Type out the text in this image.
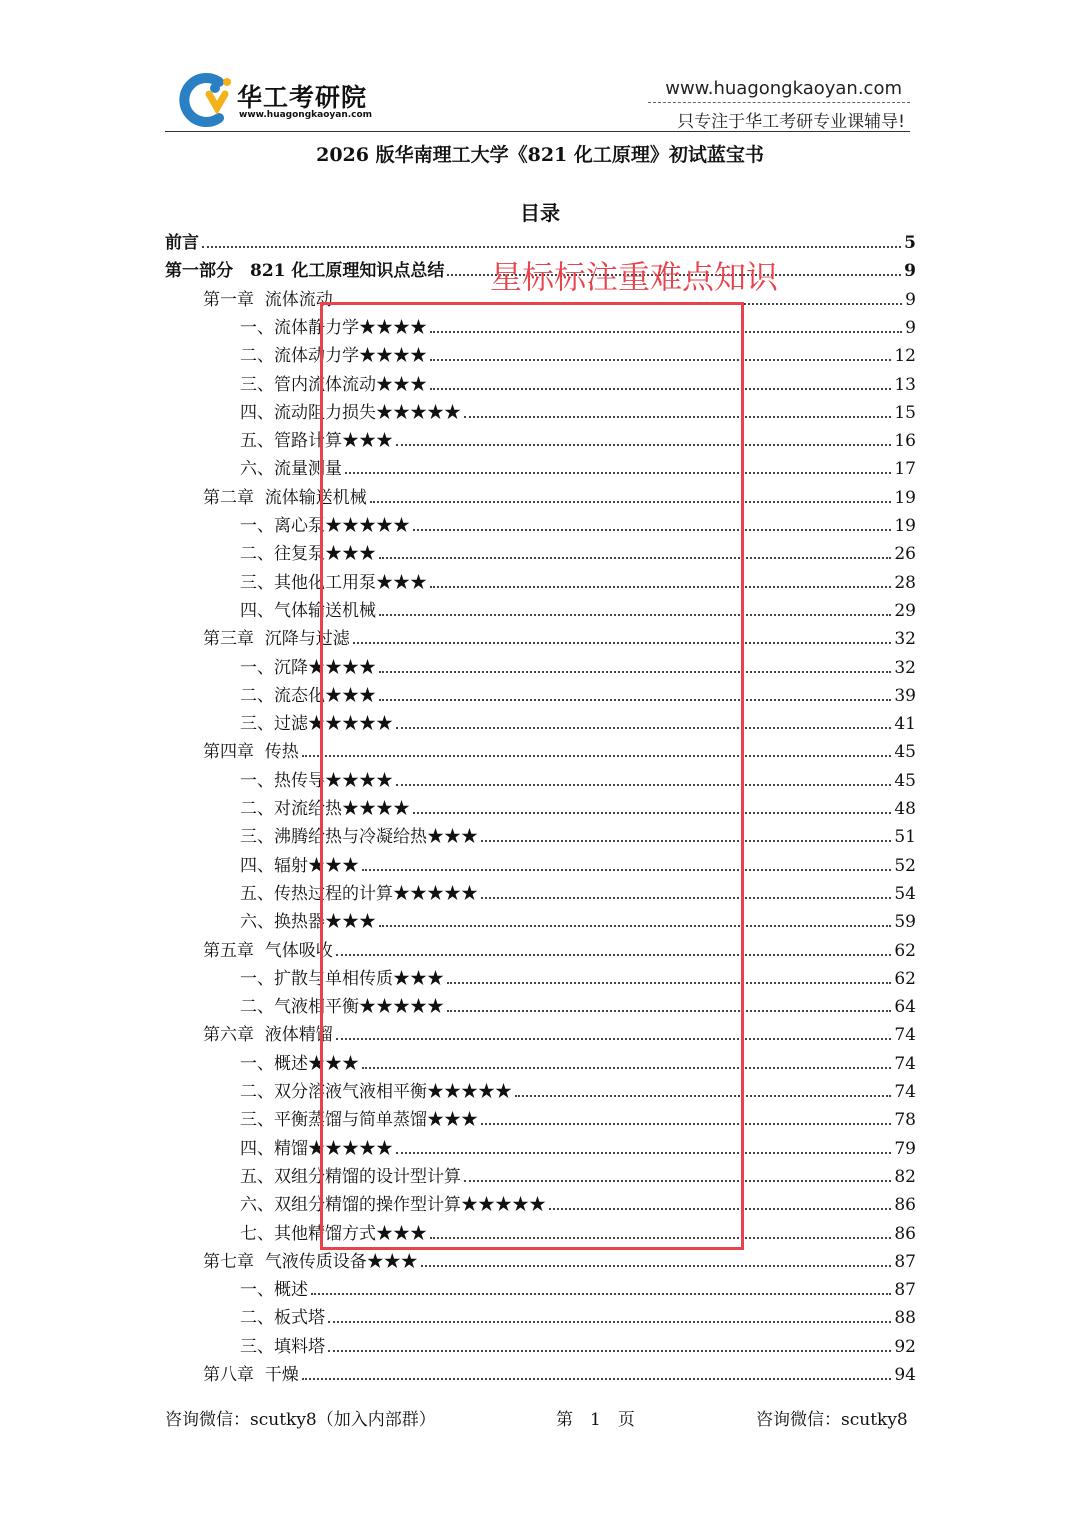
华工考研院
www.huagongkaoyan.com
www.huagongkaoyan.com
只专注于华工考研专业课辅导!
2026 版华南理工大学《821 化工原理》初试蓝宝书
目录
前言	5
第一部分　821 化工原理知识点总结	9
第一章  流体流动	9
一、流体静力学★★★★	9
二、流体动力学★★★★	12
三、管内流体流动★★★	13
四、流动阻力损失★★★★★	15
五、管路计算★★★	16
六、流量测量	17
第二章  流体输送机械	19
一、离心泵★★★★★	19
二、往复泵★★★	26
三、其他化工用泵★★★	28
四、气体输送机械	29
第三章  沉降与过滤	32
一、沉降★★★★	32
二、流态化★★★	39
三、过滤★★★★★	41
第四章  传热	45
一、热传导★★★★	45
二、对流给热★★★★	48
三、沸腾给热与冷凝给热★★★	51
四、辐射★★★	52
五、传热过程的计算★★★★★	54
六、换热器★★★	59
第五章  气体吸收	62
一、扩散与单相传质★★★	62
二、气液相平衡★★★★★	64
第六章  液体精馏	74
一、概述★★★	74
二、双分溶液气液相平衡★★★★★	74
三、平衡蒸馏与简单蒸馏★★★	78
四、精馏★★★★★	79
五、双组分精馏的设计型计算	82
六、双组分精馏的操作型计算★★★★★	86
七、其他精馏方式★★★	86
第七章  气液传质设备★★★	87
一、概述	87
二、板式塔	88
三、填料塔	92
第八章  干燥	94
星标标注重难点知识
咨询微信：scutky8（加入内部群）	第　1　页	咨询微信：scutky8
